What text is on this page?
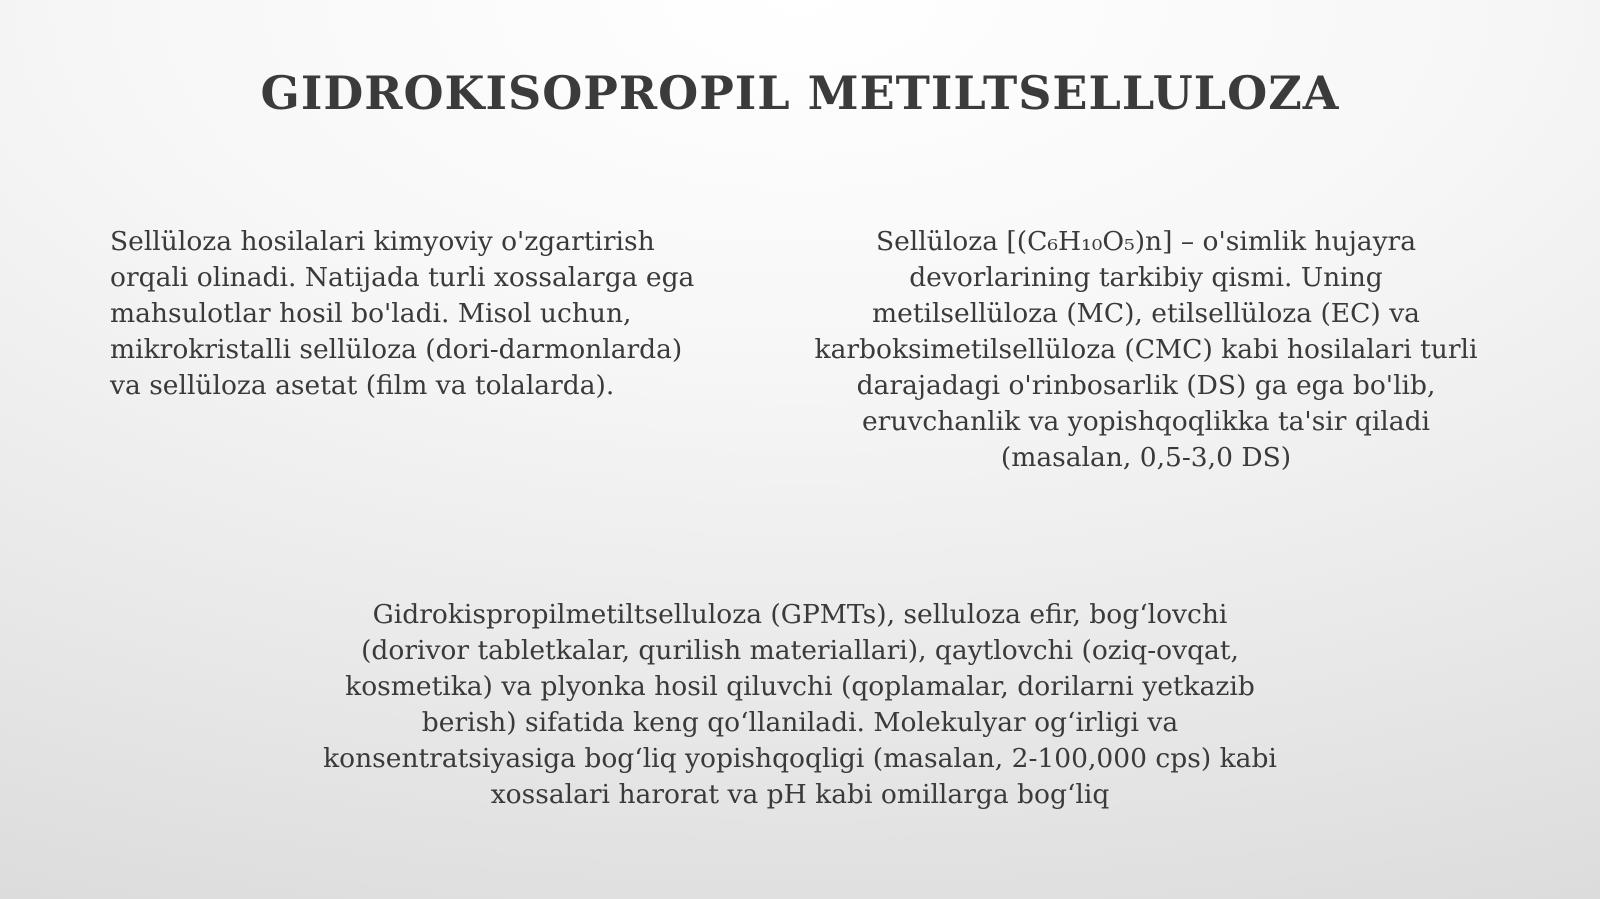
GIDROKISOPROPIL METILTSELLULOZA
Sellüloza hosilalari kimyoviy o'zgartirish
orqali olinadi. Natijada turli xossalarga ega
mahsulotlar hosil bo'ladi. Misol uchun,
mikrokristalli sellüloza (dori-darmonlarda)
va sellüloza asetat (film va tolalarda).
Sellüloza [(C₆H₁₀O₅)n] – o'simlik hujayra
devorlarining tarkibiy qismi. Uning
metilsellüloza (MC), etilsellüloza (EC) va
karboksimetilsellüloza (CMC) kabi hosilalari turli
darajadagi o'rinbosarlik (DS) ga ega bo'lib,
eruvchanlik va yopishqoqlikka ta'sir qiladi
(masalan, 0,5-3,0 DS)
Gidrokispropilmetiltselluloza (GPMTs), selluloza efir, bog‘lovchi
(dorivor tabletkalar, qurilish materiallari), qaytlovchi (oziq-ovqat,
kosmetika) va plyonka hosil qiluvchi (qoplamalar, dorilarni yetkazib
berish) sifatida keng qo‘llaniladi. Molekulyar og‘irligi va
konsentratsiyasiga bog‘liq yopishqoqligi (masalan, 2-100,000 cps) kabi
xossalari harorat va pH kabi omillarga bog‘liq
